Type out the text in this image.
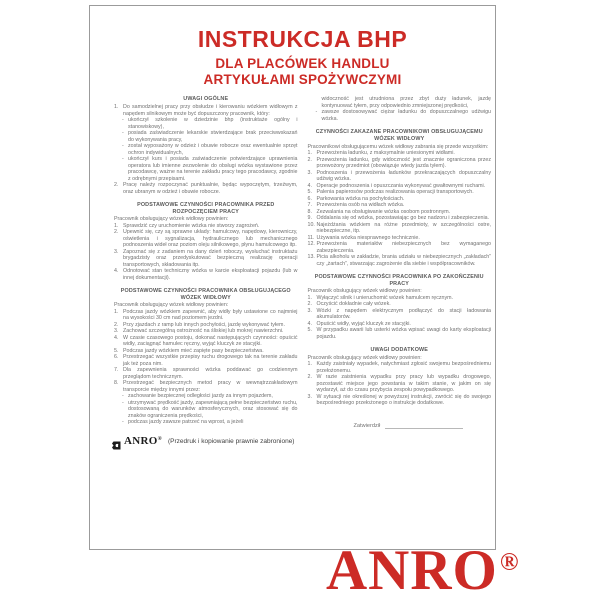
INSTRUKCJA BHP
DLA PLACÓWEK HANDLU
ARTYKUŁAMI SPOŻYWCZYMI
UWAGI OGÓLNE
1. Do samodzielnej pracy przy obsłudze i kierowaniu wózkiem widłowym z napędem silnikowym może być dopuszczony pracownik, który:
- ukończył szkolenie w dziedzinie bhp (instruktaże ogólny i stanowiskowy),
- posiada zaświadczenie lekarskie stwierdzające brak przeciwwskazań do wykonywania pracy,
- został wyposażony w odzież i obuwie robocze oraz ewentualnie sprzęt ochron indywidualnych,
- ukończył kurs i posiada zaświadczenie potwierdzające uprawnienia operatora lub imienne zezwolenie do obsługi wózka wystawione przez pracodawcę, ważne na terenie zakładu pracy tego pracodawcy, zgodnie z odrębnymi przepisami.
2. Pracę należy rozpoczynać punktualnie, będąc wypoczętym, trzeźwym, oraz ubranym w odzież i obuwie robocze.
PODSTAWOWE CZYNNOŚCI PRACOWNIKA PRZED ROZPOCZĘCIEM PRACY
Pracownik obsługujący wózek widłowy powinien:
1. Sprawdzić czy uruchomienie wózka nie stworzy zagrożeń.
2. Upewnić się, czy są sprawne układy: hamulcowy, napędowy, kierowniczy, oświetlenia i sygnalizacja, hydraulicznego lub mechanicznego podnoszenia wideł oraz poziom oleju silnikowego, płynu hamulcowego itp.
3. Zapoznać się z zadaniem na dany dzień roboczy, wysłuchać instruktażu brygadzisty oraz przedyskutować bezpieczną realizację operacji transportowych, składowania itp.
4. Odnotować stan techniczny wózka w karcie eksploatacji pojazdu (lub w innej dokumentacji).
PODSTAWOWE CZYNNOŚCI PRACOWNIKA OBSŁUGUJĄCEGO WÓZEK WIDŁOWY
Pracownik obsługujący wózek widłowy powinien:
1. Podczas jazdy wózkiem zapewnić, aby widły były ustawione co najmniej na wysokości 30 cm nad poziomem jezdni.
2. Przy zjazdach z ramp lub innych pochyłości, jazdę wykonywać tyłem.
3. Zachować szczególną ostrożność na śliskiej lub mokrej nawierzchni.
4. W czasie czasowego postoju, dokonać następujących czynności: opuścić widły, zaciągnąć hamulec ręczny, wyjąć kluczyk ze stacyjki.
5. Podczas jazdy wózkiem mieć zapięte pasy bezpieczeństwa.
6. Przestrzegać wszystkie przepisy ruchu drogowego tak na terenie zakładu jak też poza nim.
7. Dla zapewnienia sprawności wózka poddawać go codziennym przeglądom technicznym.
8. Przestrzegać bezpiecznych metod pracy w wewnątrzzakładowym transporcie między innymi przez:
- zachowanie bezpiecznej odległości jazdy za innym pojazdem,
- utrzymywać prędkość jazdy, zapewniającą pełne bezpieczeństwo ruchu, dostosowaną do warunków atmosferycznych, oraz stosować się do znaków ograniczenia prędkości,
- podczas jazdy zawsze patrzeć na wprost, a jeżeli
widoczność jest utrudniona przez zbyt duży ładunek, jazdę kontynuować tyłem, przy odpowiednio zmniejszonej prędkości,
- zawsze dostosowywać ciężar ładunku do dopuszczalnego udźwigu wózka.
CZYNNOŚCI ZAKAZANE PRACOWNIKOWI OBSŁUGUJĄCEMU WÓZEK WIDŁOWY
Pracownikowi obsługującemu wózek widłowy zabrania się przede wszystkim:
1. Przewożenia ładunku, z maksymalnie uniesionymi widłami.
2. Przewożenia ładunku, gdy widoczność jest znacznie ograniczona przez przewożony przedmiot (obowiązuje wtedy jazda tyłem).
3. Podnoszenia i przewożenia ładunków przekraczających dopuszczalny udźwig wózka.
4. Operacje podnoszenia i opuszczania wykonywać gwałtownymi ruchami.
5. Palenia papierosów podczas realizowania operacji transportowych.
6. Parkowania wózka na pochyłościach.
7. Przewożenia osób na widłach wózka.
8. Zezwalania na obsługiwanie wózka osobom postronnym.
9. Oddalania się od wózka, pozostawiając go bez nadzoru i zabezpieczenia.
10. Najeżdżania wózkiem na różne przedmioty, w szczególności ostre, niebezpieczne, itp.
11. Używania wózka niesprawnego technicznie.
12. Przewożenia materiałów niebezpiecznych bez wymaganego zabezpieczenia.
13. Picia alkoholu w zakładzie, brania udziału w niebezpiecznych „zakładach” czy „żartach”, stwarzając zagrożenie dla siebie i współpracowników.
PODSTAWOWE CZYNNOŚCI PRACOWNIKA PO ZAKOŃCZENIU PRACY
Pracownik obsługujący wózek widłowy powinien:
1. Wyłączyć silnik i unieruchomić wózek hamulcem ręcznym.
2. Oczyścić dokładnie cały wózek.
3. Wózki z napędem elektrycznym podłączyć do stacji ładowania akumulatorów.
4. Opuścić widły, wyjąć kluczyk ze stacyjki.
5. W przypadku awarii lub usterki wózka wpisać uwagi do karty eksploatacji pojazdu.
UWAGI DODATKOWE
Pracownik obsługujący wózek widłowy powinien:
1. Każdy zaistniały wypadek, natychmiast zgłosić swojemu bezpośredniemu przełożonemu.
2. W razie zaistnienia wypadku przy pracy lub wypadku drogowego, pozostawić miejsce jego powstania w takim stanie, w jakim on się wydarzył, aż do czasu przybycia zespołu powypadkowego.
3. W sytuacji nie określonej w powyższej instrukcji, zwrócić się do swojego bezpośredniego przełożonego o instrukcje dodatkowe.
Zatwierdził
ANRO® (Przedruk i kopiowanie prawnie zabronione)
ANRO®
